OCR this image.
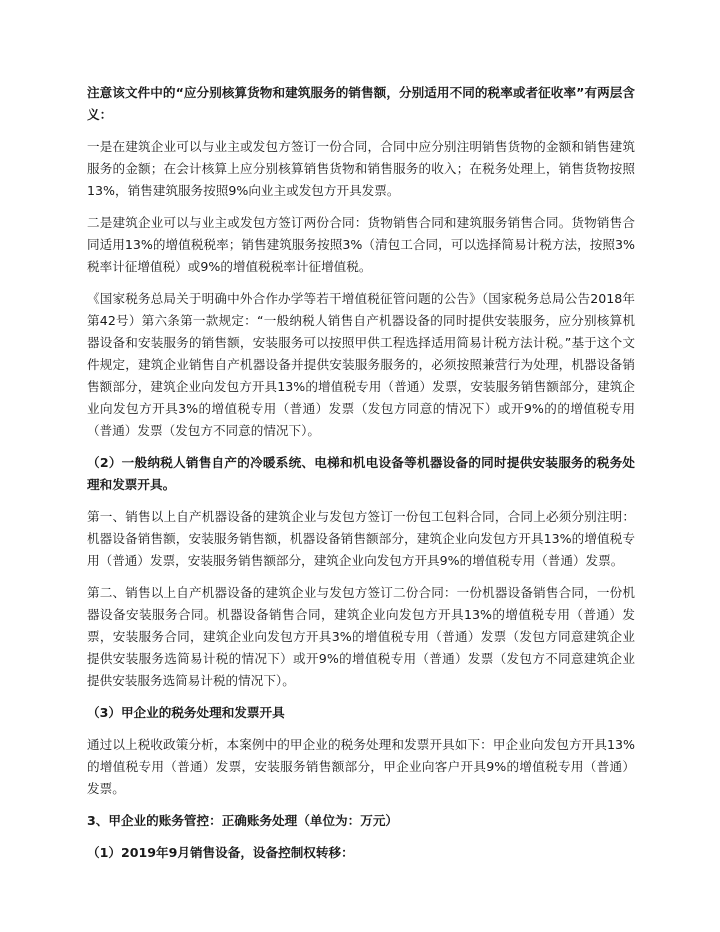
注意该文件中的“应分别核算货物和建筑服务的销售额，分别适用不同的税率或者征收率”有两层含义：

一是在建筑企业可以与业主或发包方签订一份合同，合同中应分别注明销售货物的金额和销售建筑服务的金额；在会计核算上应分别核算销售货物和销售服务的收入；在税务处理上，销售货物按照13%，销售建筑服务按照9%向业主或发包方开具发票。

二是建筑企业可以与业主或发包方签订两份合同：货物销售合同和建筑服务销售合同。货物销售合同适用13%的增值税税率；销售建筑服务按照3%（清包工合同，可以选择简易计税方法，按照3%税率计征增值税）或9%的增值税税率计征增值税。

《国家税务总局关于明确中外合作办学等若干增值税征管问题的公告》（国家税务总局公告2018年第42号）第六条第一款规定：“一般纳税人销售自产机器设备的同时提供安装服务，应分别核算机器设备和安装服务的销售额，安装服务可以按照甲供工程选择适用简易计税方法计税。”基于这个文件规定，建筑企业销售自产机器设备并提供安装服务服务的，必须按照兼营行为处理，机器设备销售额部分，建筑企业向发包方开具13%的增值税专用（普通）发票，安装服务销售额部分，建筑企业向发包方开具3%的增值税专用（普通）发票（发包方同意的情况下）或开9%的的增值税专用（普通）发票（发包方不同意的情况下）。

（2）一般纳税人销售自产的冷暖系统、电梯和机电设备等机器设备的同时提供安装服务的税务处理和发票开具。

第一、销售以上自产机器设备的建筑企业与发包方签订一份包工包料合同，合同上必须分别注明：机器设备销售额，安装服务销售额，机器设备销售额部分，建筑企业向发包方开具13%的增值税专用（普通）发票，安装服务销售额部分，建筑企业向发包方开具9%的增值税专用（普通）发票。

第二、销售以上自产机器设备的建筑企业与发包方签订二份合同：一份机器设备销售合同，一份机器设备安装服务合同。机器设备销售合同，建筑企业向发包方开具13%的增值税专用（普通）发票，安装服务合同，建筑企业向发包方开具3%的增值税专用（普通）发票（发包方同意建筑企业提供安装服务选简易计税的情况下）或开9%的增值税专用（普通）发票（发包方不同意建筑企业提供安装服务选简易计税的情况下）。

（3）甲企业的税务处理和发票开具

通过以上税收政策分析，本案例中的甲企业的税务处理和发票开具如下：甲企业向发包方开具13%的增值税专用（普通）发票，安装服务销售额部分，甲企业向客户开具9%的增值税专用（普通）发票。

3、甲企业的账务管控：正确账务处理（单位为：万元）

（1）2019年9月销售设备，设备控制权转移：
